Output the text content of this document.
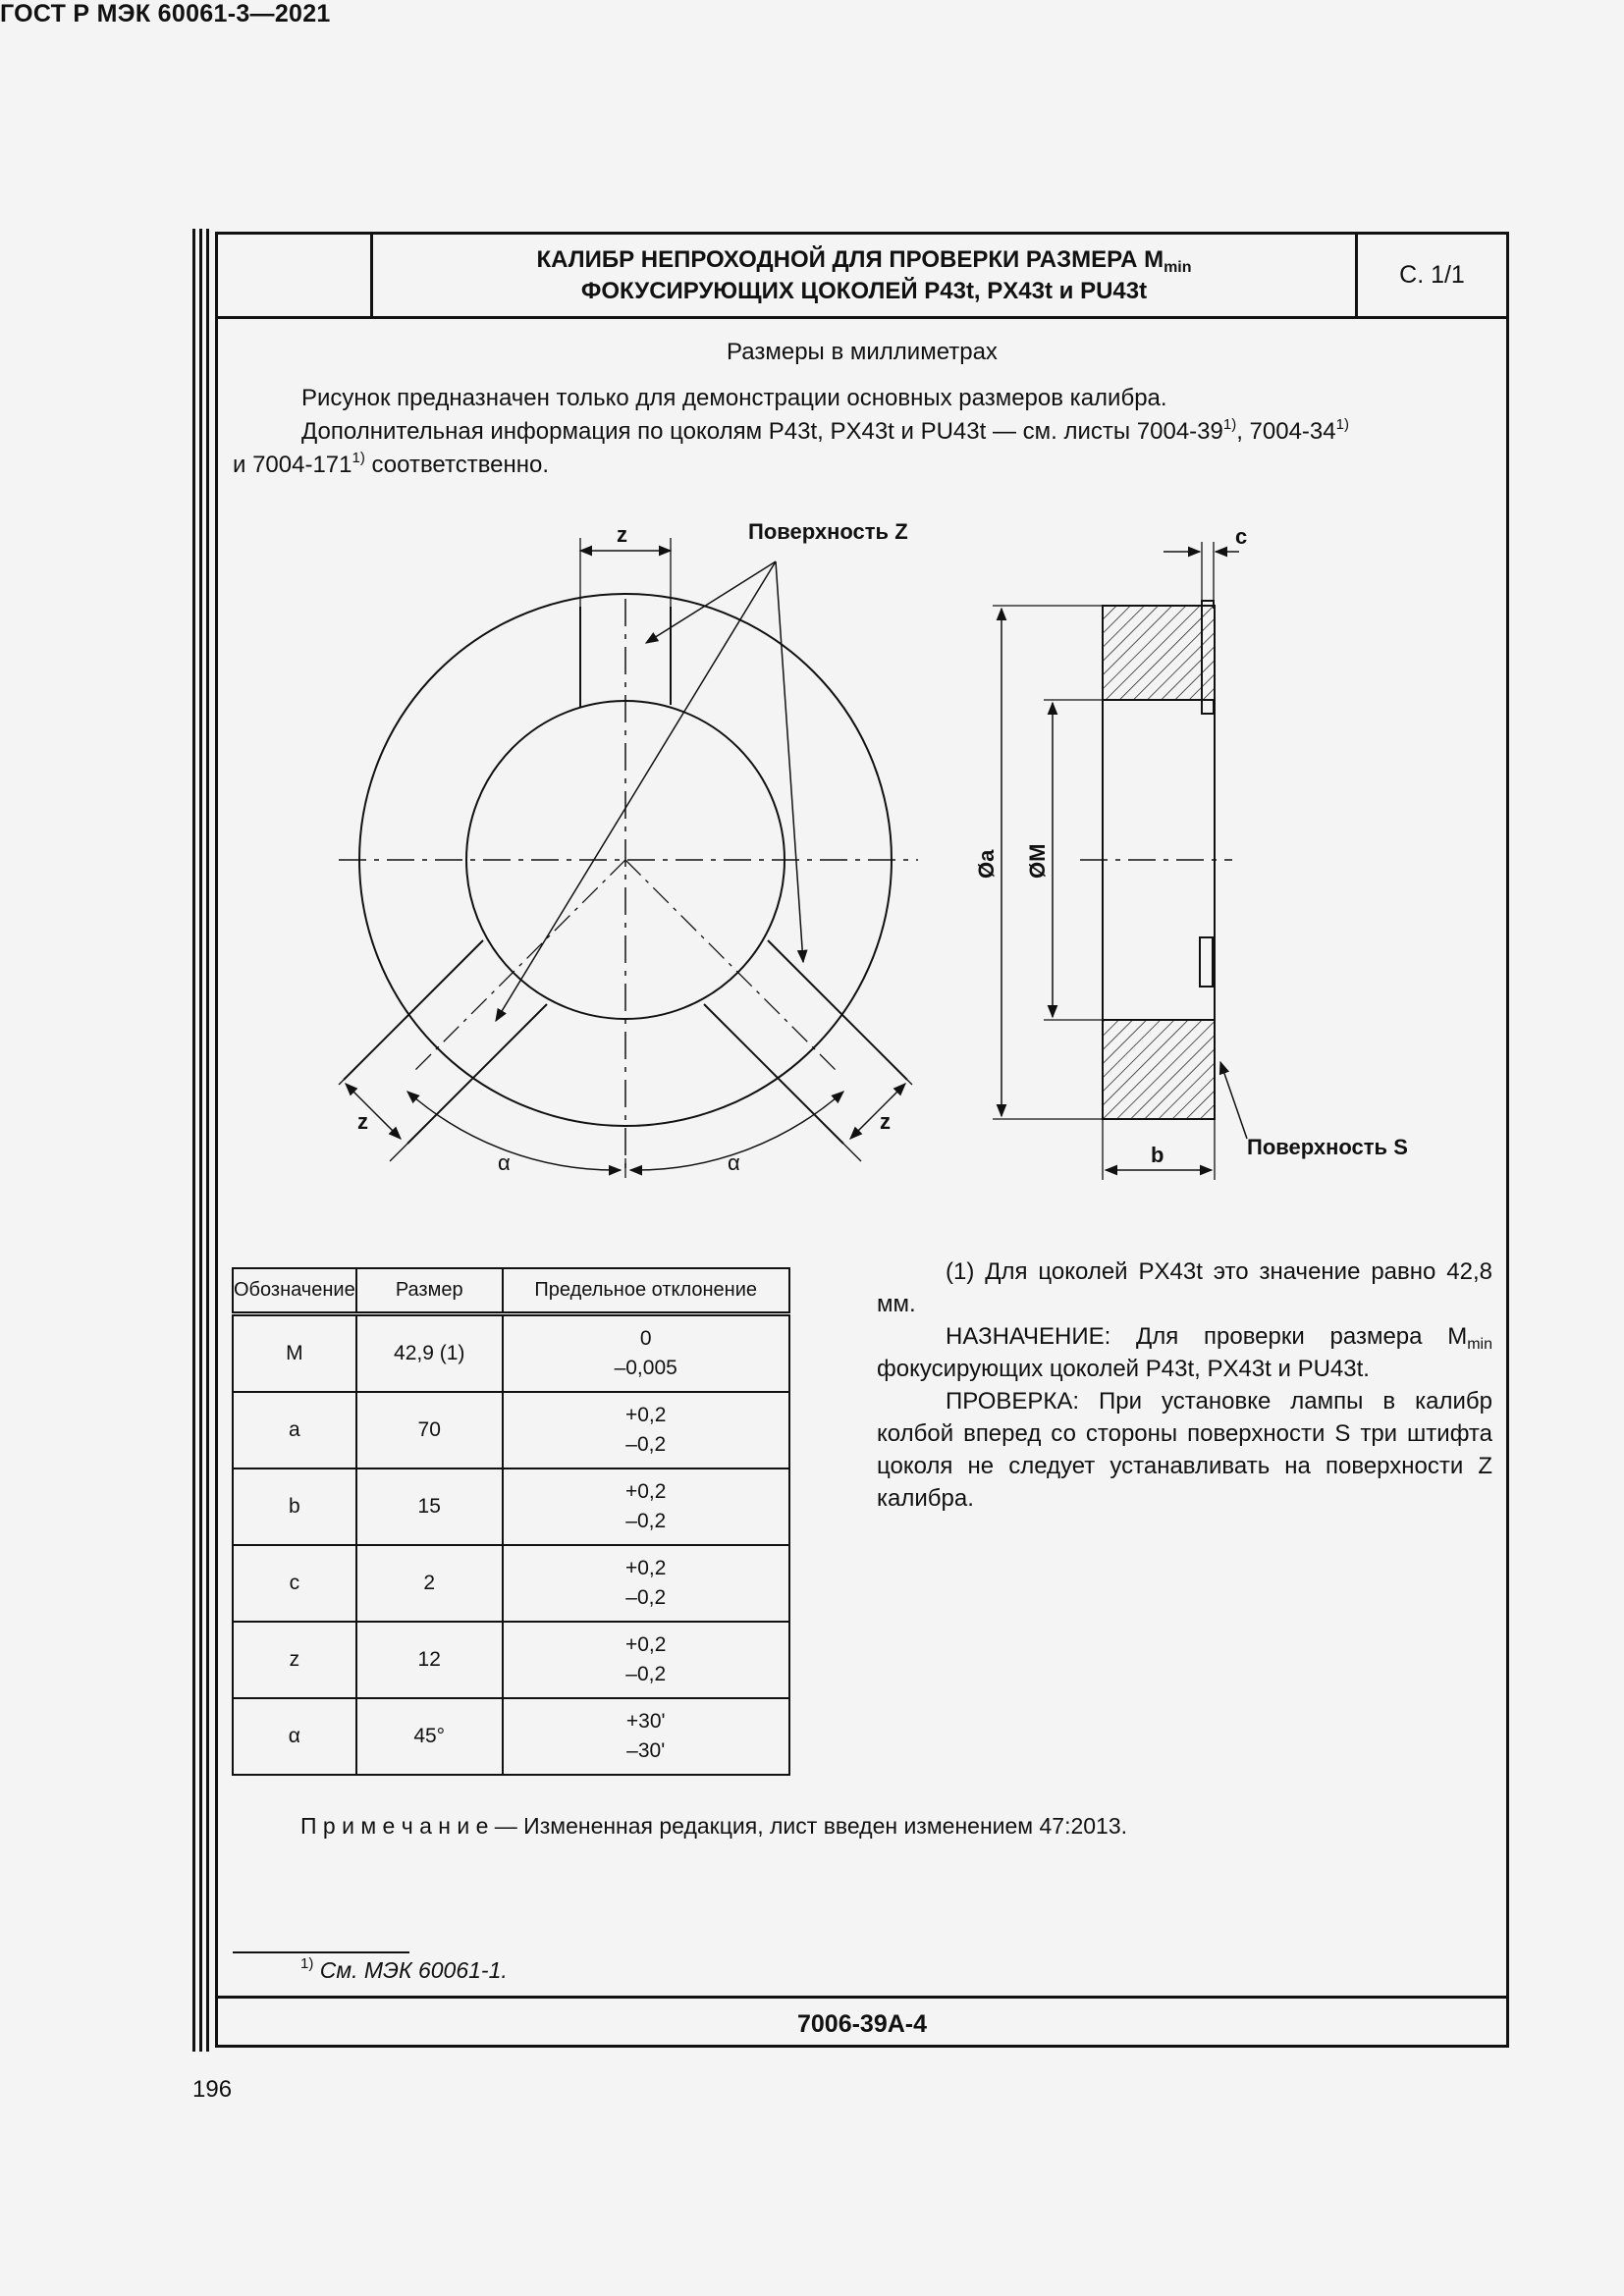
ГОСТ Р МЭК 60061-3—2021
КАЛИБР НЕПРОХОДНОЙ ДЛЯ ПРОВЕРКИ РАЗМЕРА $M_{min}$
ФОКУСИРУЮЩИХ ЦОКОЛЕЙ P43t, PX43t и PU43t
С. 1/1
Размеры в миллиметрах
Рисунок предназначен только для демонстрации основных размеров калибра.
Дополнительная информация по цоколям P43t, PX43t и PU43t — см. листы 7004-39$^{1)}$, 7004-34$^{1)}$
и 7004-171$^{1)}$ соответственно.
Поверхность Z
z
z	z
α	α
c
b	Поверхность S
Øa ØM
Обозначение	Размер	Предельное отклонение
M	42,9 (1)	0
–0,005

a	70	+0,2
–0,2

b	15	+0,2
–0,2

c	2	+0,2
–0,2

z	12	+0,2
–0,2

α	45°	+30'
–30'

(1) Для цоколей PX43t это значение равно 42,8 мм.

НАЗНАЧЕНИЕ: Для проверки размера $M_{min}$ фокусирующих цоколей P43t, PX43t и PU43t.

ПРОВЕРКА: При установке лампы в калибр колбой вперед со стороны поверхности S три штифта цоколя не следует устанавливать на поверхности Z калибра.

П р и м е ч а н и е — Измененная редакция, лист введен изменением 47:2013.
$^{1)}$ См. МЭК 60061-1.
7006-39A-4
196
